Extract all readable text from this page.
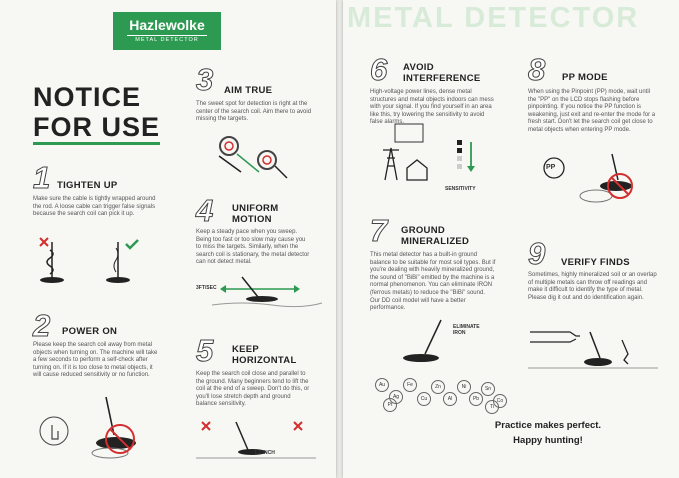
Hazlewolke
METAL DETECTOR
NOTICE
FOR USE
1 TIGHTEN UP
Make sure the cable is tightly wrapped around the rod. A loose cable can trigger false signals because the search coil can pick it up.
2 POWER ON
Please keep the search coil away from metal objects when turning on. The machine will take a few seconds to perform a self-check after turning on. If it is too close to metal objects, it will cause reduced sensitivity or no function.
3 AIM TRUE
The sweet spot for detection is right at the center of the search coil. Aim there to avoid missing the targets.
4 UNIFORM
MOTION
Keep a steady pace when you sweep. Being too fast or too slow may cause you to miss the targets. Similarly, when the search coil is stationary, the metal detector can not detect metal.
3FT/SEC
5 KEEP
HORIZONTAL
Keep the search coil close and parallel to the ground. Many beginners tend to lift the coil at the end of a sweep. Don't do this, or you'll lose stretch depth and ground balance sensitivity.
1-2 INCH
METAL DETECTOR
6 AVOID
INTERFERENCE
High-voltage power lines, dense metal structures and metal objects indoors can mess with your signal. If you find yourself in an area like this, try lowering the sensitivity to avoid false alarms.
SENSITIVITY
7 GROUND
MINERALIZED
This metal detector has a built-in ground balance to be suitable for most soil types. But if you're dealing with heavily mineralized ground, the sound of "BiBi" emitted by the machine is a normal phenomenon. You can eliminate IRON (ferrous metals) to reduce the "BiBi" sound. Our DD coil model will have a better performance.
ELIMINATE
IRON
Au
Ag
Fe
Cu
Zn
Al
Ni
Pb
Sn
Co
Pt	Ti
8 PP MODE
When using the Pinpoint (PP) mode, wait until the "PP" on the LCD stops flashing before pinpointing. If you notice the PP function is weakening, just exit and re-enter the mode for a fresh start. Don't let the search coil get close to metal objects when entering PP mode.
PP
9 VERIFY FINDS
Sometimes, highly mineralized soil or an overlap of multiple metals can throw off readings and make it difficult to identify the type of metal. Please dig it out and do identification again.
Practice makes perfect.
Happy hunting!
